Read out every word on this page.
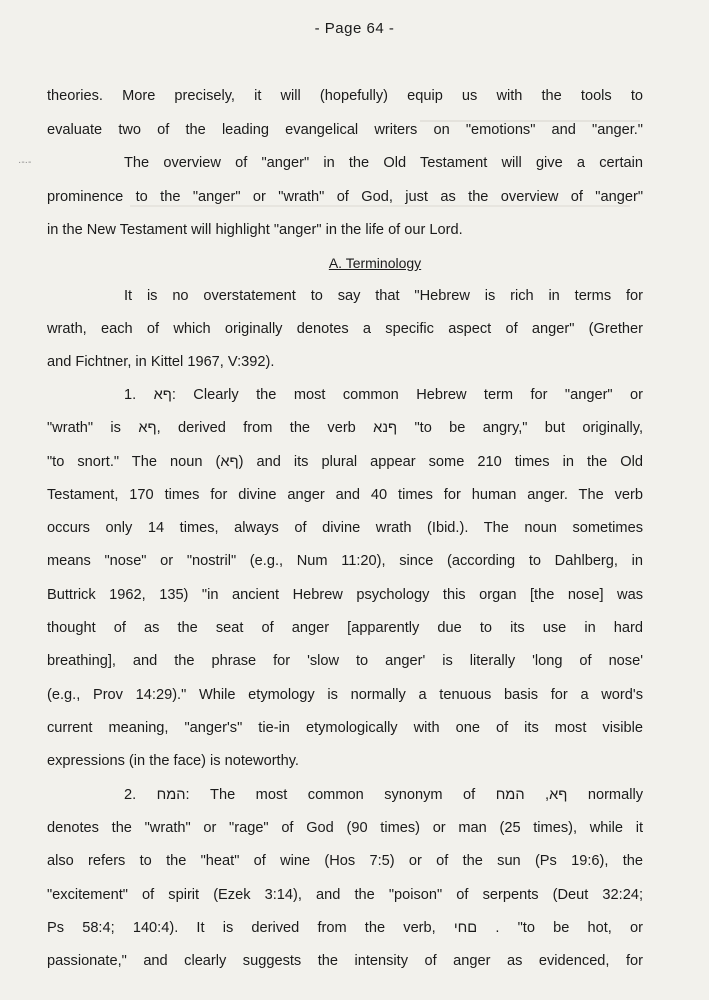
- Page 64 -
·-·-
theories. More precisely, it will (hopefully) equip us with the tools to
evaluate two of the leading evangelical writers on "emotions" and "anger."
The overview of "anger" in the Old Testament will give a certain
prominence to the "anger" or "wrath" of God, just as the overview of "anger"
in the New Testament will highlight "anger" in the life of our Lord.
A. Terminology
It is no overstatement to say that "Hebrew is rich in terms for
wrath, each of which originally denotes a specific aspect of anger" (Grether
and Fichtner, in Kittel 1967, V:392).
1. ףא: Clearly the most common Hebrew term for "anger" or
"wrath" is ףא, derived from the verb ףנא "to be angry," but originally,
"to snort." The noun (ףא) and its plural appear some 210 times in the Old
Testament, 170 times for divine anger and 40 times for human anger. The verb
occurs only 14 times, always of divine wrath (Ibid.). The noun sometimes
means "nose" or "nostril" (e.g., Num 11:20), since (according to Dahlberg, in
Buttrick 1962, 135) "in ancient Hebrew psychology this organ [the nose] was
thought of as the seat of anger [apparently due to its use in hard
breathing], and the phrase for 'slow to anger' is literally 'long of nose'
(e.g., Prov 14:29)." While etymology is normally a tenuous basis for a word's
current meaning, "anger's" tie-in etymologically with one of its most visible
expressions (in the face) is noteworthy.
2. המח: The most common synonym of ףא, המח normally
denotes the "wrath" or "rage" of God (90 times) or man (25 times), while it
also refers to the "heat" of wine (Hos 7:5) or of the sun (Ps 19:6), the
"excitement" of spirit (Ezek 3:14), and the "poison" of serpents (Deut 32:24;
Ps 58:4; 140:4). It is derived from the verb, םחי . "to be hot, or
passionate," and clearly suggests the intensity of anger as evidenced, for
